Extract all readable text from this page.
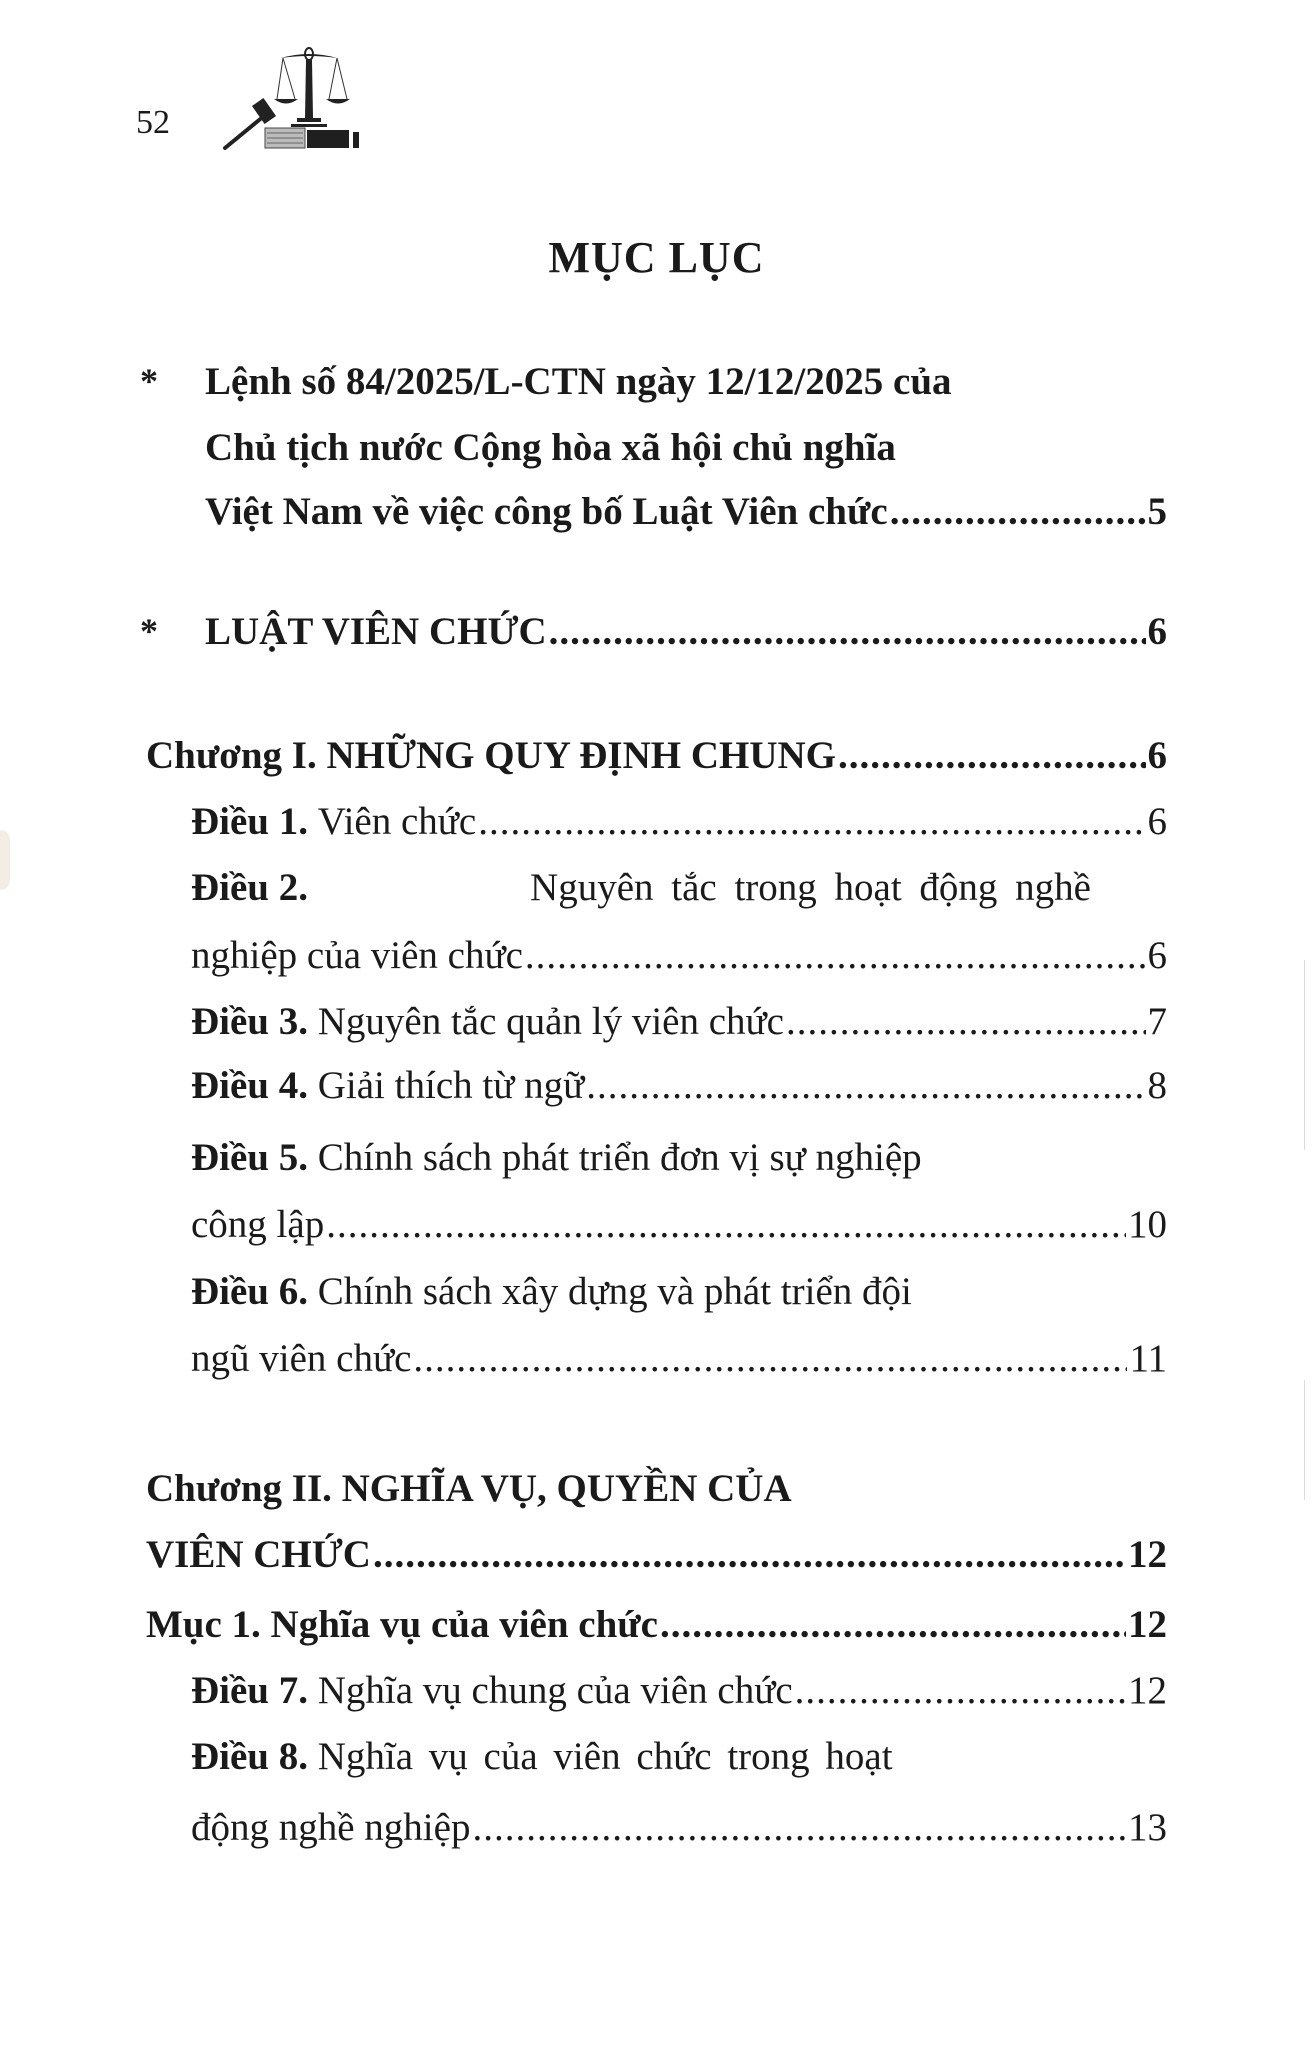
52
MỤC LỤC
* Lệnh số 84/2025/L-CTN ngày 12/12/2025 của
Chủ tịch nước Cộng hòa xã hội chủ nghĩa
Việt Nam về việc công bố Luật Viên chức .....	5
* LUẬT VIÊN CHỨC .....	6
Chương I. NHỮNG QUY ĐỊNH CHUNG .....	6
Điều 1.
Viên chức .....	6
Điều 2.
	Nguyên tắc trong hoạt động nghề
nghiệp của viên chức .....	6
Điều 3.
Nguyên tắc quản lý viên chức .....	7
Điều 4.
Giải thích từ ngữ .....	8
Điều 5.
Chính sách phát triển đơn vị sự nghiệp
công lập .....	10
Điều 6.
Chính sách xây dựng và phát triển đội
ngũ viên chức .....	11
Chương II. NGHĨA VỤ, QUYỀN CỦA
VIÊN CHỨC .....	12
Mục 1. Nghĩa vụ của viên chức .....	12
Điều 7.
Nghĩa vụ chung của viên chức .....	12
Điều 8.
Nghĩa vụ của viên chức trong hoạt
động nghề nghiệp .....	13
